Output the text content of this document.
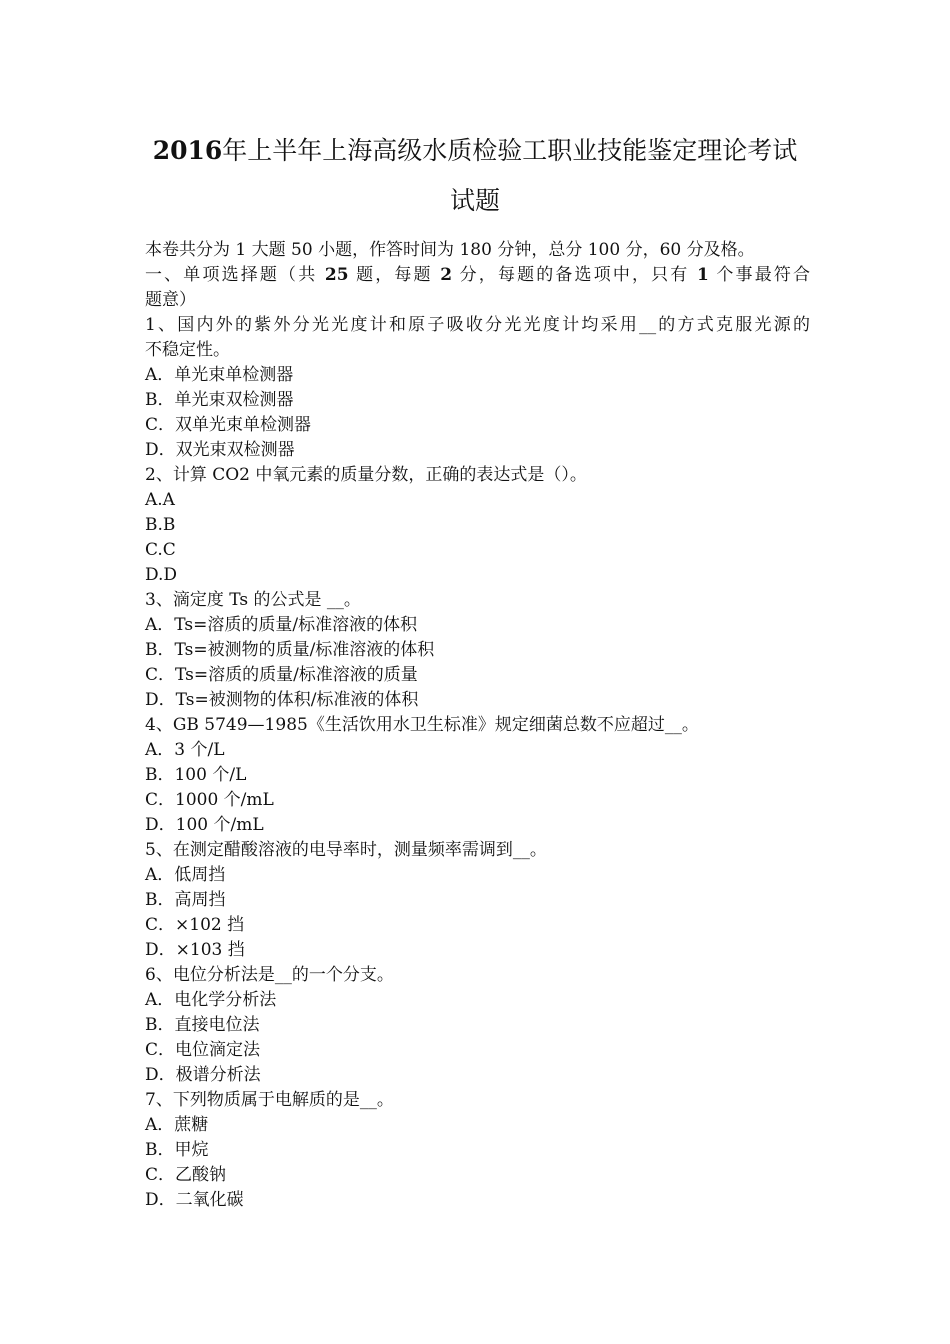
2016年上半年上海高级水质检验工职业技能鉴定理论考试
试题
本卷共分为 1 大题 50 小题，作答时间为 180 分钟，总分 100 分，60 分及格。
一、单项选择题（共 25 题，每题 2 分，每题的备选项中，只有 1 个事最符合
题意）
1、国内外的紫外分光光度计和原子吸收分光光度计均采用__的方式克服光源的
不稳定性。
A．单光束单检测器
B．单光束双检测器
C．双单光束单检测器
D．双光束双检测器
2、计算 CO2 中氧元素的质量分数，正确的表达式是（）。
A.A
B.B
C.C
D.D
3、滴定度 Ts 的公式是 __。
A．Ts=溶质的质量/标准溶液的体积
B．Ts=被测物的质量/标准溶液的体积
C．Ts=溶质的质量/标准溶液的质量
D．Ts=被测物的体积/标准液的体积
4、GB 5749—1985《生活饮用水卫生标准》规定细菌总数不应超过__。
A．3 个/L
B．100 个/L
C．1000 个/mL
D．100 个/mL
5、在测定醋酸溶液的电导率时，测量频率需调到__。
A．低周挡
B．高周挡
C．×102 挡
D．×103 挡
6、电位分析法是__的一个分支。
A．电化学分析法
B．直接电位法
C．电位滴定法
D．极谱分析法
7、下列物质属于电解质的是__。
A．蔗糖
B．甲烷
C．乙酸钠
D．二氧化碳
